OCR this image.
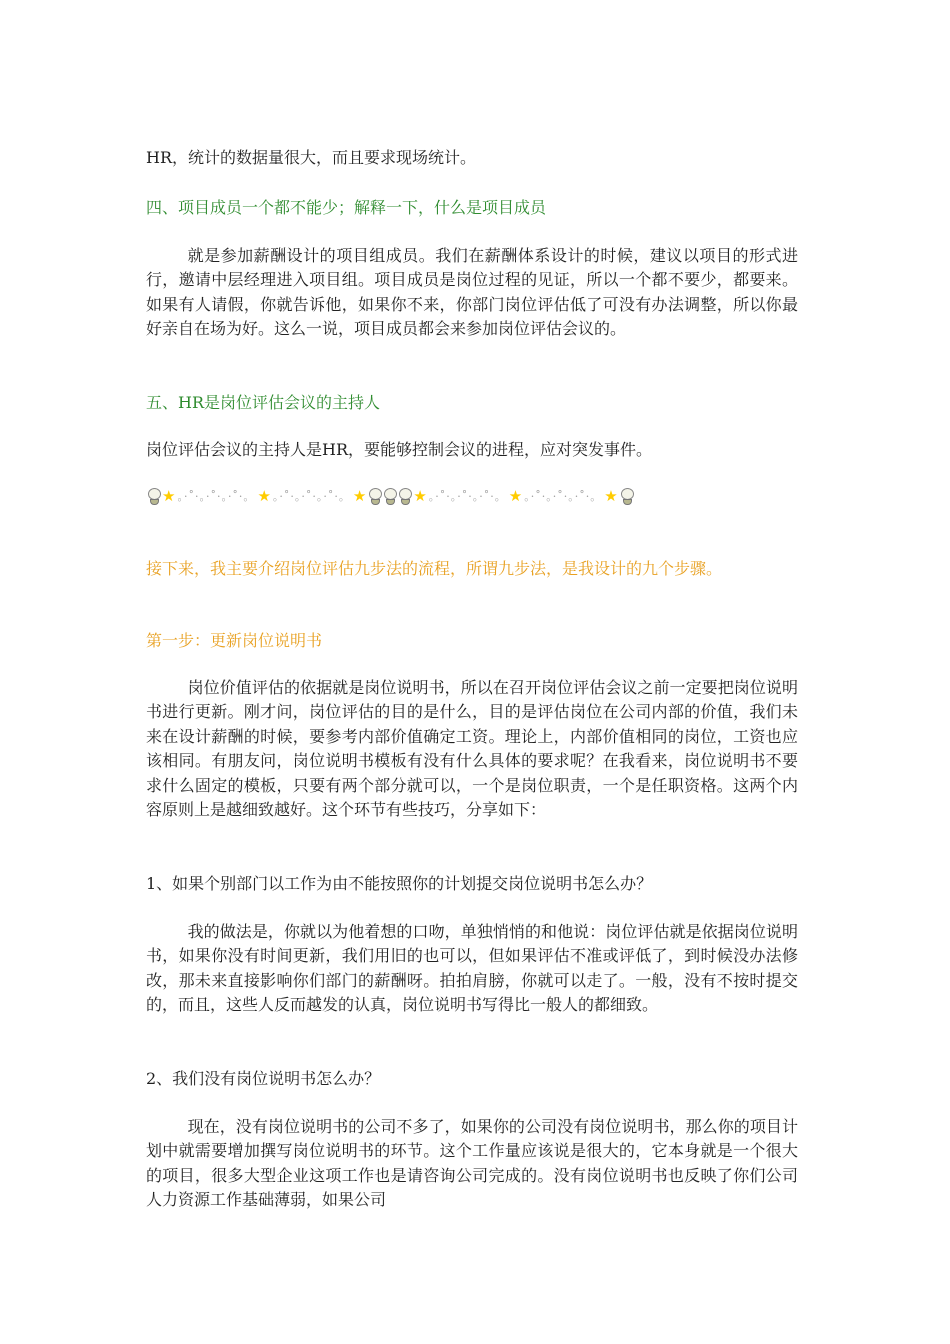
HR，统计的数据量很大，而且要求现场统计。
四、项目成员一个都不能少；解释一下，什么是项目成员
就是参加薪酬设计的项目组成员。我们在薪酬体系设计的时候，建议以项目的形式进行，邀请中层经理进入项目组。项目成员是岗位过程的见证，所以一个都不要少，都要来。如果有人请假，你就告诉他，如果你不来，你部门岗位评估低了可没有办法调整，所以你最好亲自在场为好。这么一说，项目成员都会来参加岗位评估会议的。
五、HR是岗位评估会议的主持人
岗位评估会议的主持人是HR，要能够控制会议的进程，应对突发事件。
★ 。·˚·。·˚·。·˚·。 ★ 。·˚·。·˚·。·˚·。 ★	★ 。·˚·。·˚·。·˚·。 ★ 。·˚·。·˚·。·˚·。 ★
接下来，我主要介绍岗位评估九步法的流程，所谓九步法，是我设计的九个步骤。
第一步：更新岗位说明书
岗位价值评估的依据就是岗位说明书，所以在召开岗位评估会议之前一定要把岗位说明书进行更新。刚才问，岗位评估的目的是什么，目的是评估岗位在公司内部的价值，我们未来在设计薪酬的时候，要参考内部价值确定工资。理论上，内部价值相同的岗位，工资也应该相同。有朋友问，岗位说明书模板有没有什么具体的要求呢？在我看来，岗位说明书不要求什么固定的模板，只要有两个部分就可以，一个是岗位职责，一个是任职资格。这两个内容原则上是越细致越好。这个环节有些技巧，分享如下：
1、如果个别部门以工作为由不能按照你的计划提交岗位说明书怎么办？
我的做法是，你就以为他着想的口吻，单独悄悄的和他说：岗位评估就是依据岗位说明书，如果你没有时间更新，我们用旧的也可以，但如果评估不准或评低了，到时候没办法修改，那未来直接影响你们部门的薪酬呀。拍拍肩膀，你就可以走了。一般，没有不按时提交的，而且，这些人反而越发的认真，岗位说明书写得比一般人的都细致。
2、我们没有岗位说明书怎么办？
现在，没有岗位说明书的公司不多了，如果你的公司没有岗位说明书，那么你的项目计划中就需要增加撰写岗位说明书的环节。这个工作量应该说是很大的，它本身就是一个很大的项目，很多大型企业这项工作也是请咨询公司完成的。没有岗位说明书也反映了你们公司人力资源工作基础薄弱，如果公司
